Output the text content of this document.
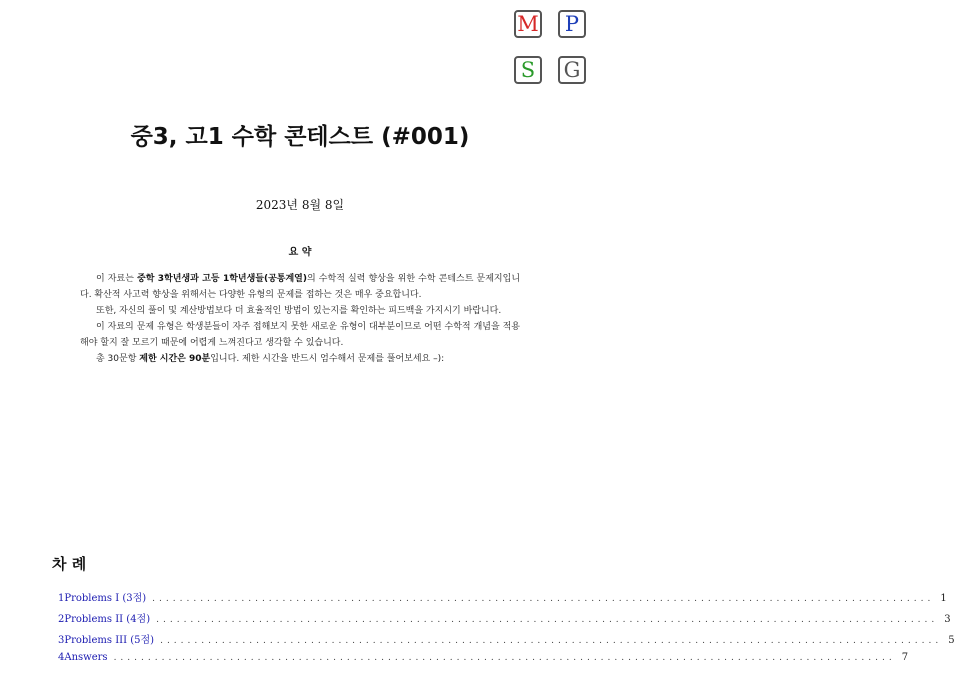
M	P
S	G
중3, 고1 수학 콘테스트 (#001)
2023년 8월 8일
요 약

이 자료는 중학 3학년생과 고등 1학년생들(공통계열)의 수학적 실력 향상을 위한 수학 콘테스트 문제지입니다. 확산적 사고력 향상을 위해서는 다양한 유형의 문제를 접하는 것은 매우 중요합니다.

또한, 자신의 풀이 및 계산방법보다 더 효율적인 방법이 있는지를 확인하는 피드백을 가지시기 바랍니다.

이 자료의 문제 유형은 학생분들이 자주 접해보지 못한 새로운 유형이 대부분이므로 어떤 수학적 개념을 적용해야 할지 잘 모르기 때문에 어렵게 느껴진다고 생각할 수 있습니다.

총 30문항 제한 시간은 90분입니다. 제한 시간을 반드시 엄수해서 문제를 풀어보세요 –):

차 례
1 Problems I (3점) .................................................................................................................. 1
2 Problems II (4점) .................................................................................................................. 3
3 Problems III (5점) .................................................................................................................. 5
4 Answers .................................................................................................................. 7
